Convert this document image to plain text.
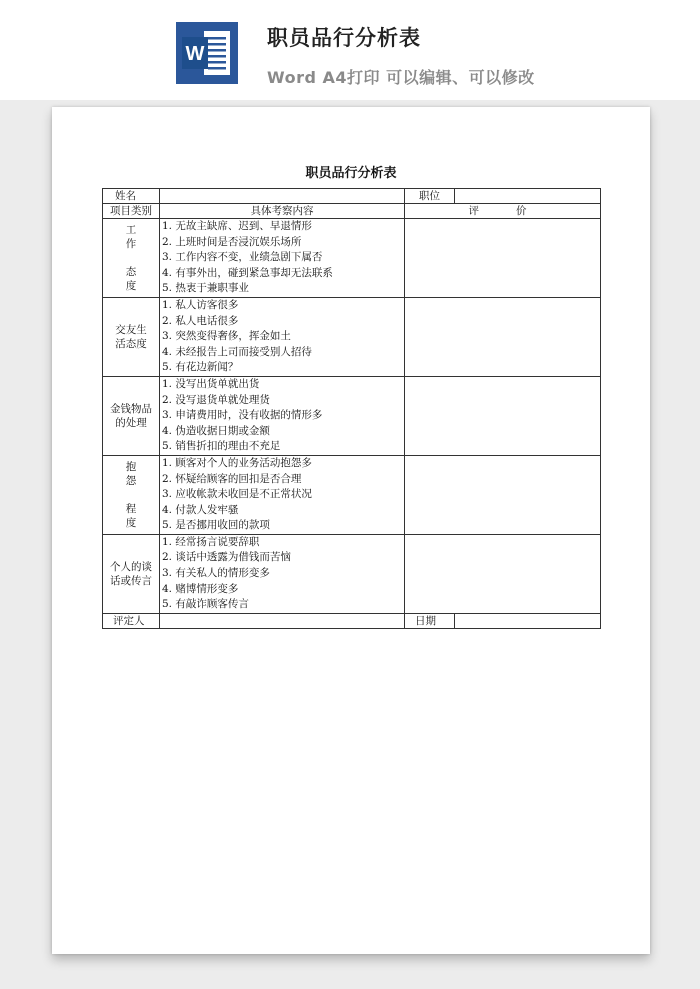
W
职员品行分析表
Word A4打印 可以编辑、可以修改
职员品行分析表
姓名		职位	
项目类别	具体考察内容	评 价	

工 作
态 度	1. 无故主缺席、迟到、早退情形
2. 上班时间是否浸沉娱乐场所
3. 工作内容不变，业绩急剧下属否
4. 有事外出，碰到紧急事却无法联系
5. 热衷于兼职事业		

交友生
活态度	1. 私人访客很多
2. 私人电话很多
3. 突然变得奢侈，挥金如土
4. 未经报告上司而接受别人招待
5. 有花边新闻？		

金钱物品
的处理	1. 没写出货单就出货
2. 没写退货单就处理货
3. 申请费用时，没有收据的情形多
4. 伪造收据日期或金额
5. 销售折扣的理由不充足		

抱 怨
程 度	1. 顾客对个人的业务活动抱怨多
2. 怀疑给顾客的回扣是否合理
3. 应收帐款未收回是不正常状况
4. 付款人发牢骚
5. 是否挪用收回的款项		

个人的谈
话或传言	1. 经常扬言说要辞职
2. 谈话中透露为借钱而苦恼
3. 有关私人的情形变多
4. 赌博情形变多
5. 有敲诈顾客传言		

评定人		日期	
